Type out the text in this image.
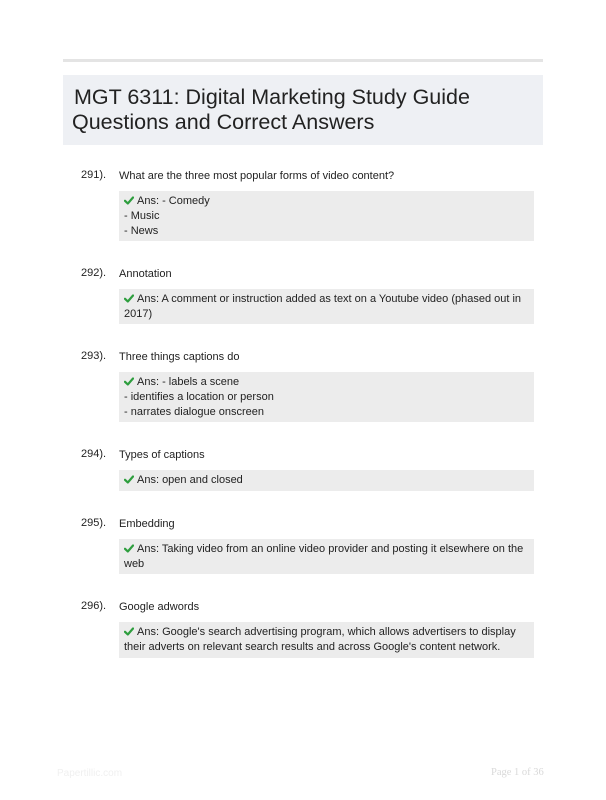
MGT 6311: Digital Marketing Study Guide
Questions and Correct Answers
291). What are the three most popular forms of video content?
Ans: - Comedy
- Music
- News
292). Annotation
Ans: A comment or instruction added as text on a Youtube video (phased out in 2017)
293). Three things captions do
Ans: - labels a scene
- identifies a location or person
- narrates dialogue onscreen
294). Types of captions
Ans: open and closed
295). Embedding
Ans: Taking video from an online video provider and posting it elsewhere on the web
296). Google adwords
Ans: Google's search advertising program, which allows advertisers to display their adverts on relevant search results and across Google's content network.
Papertillic.com	Page 1 of 36
